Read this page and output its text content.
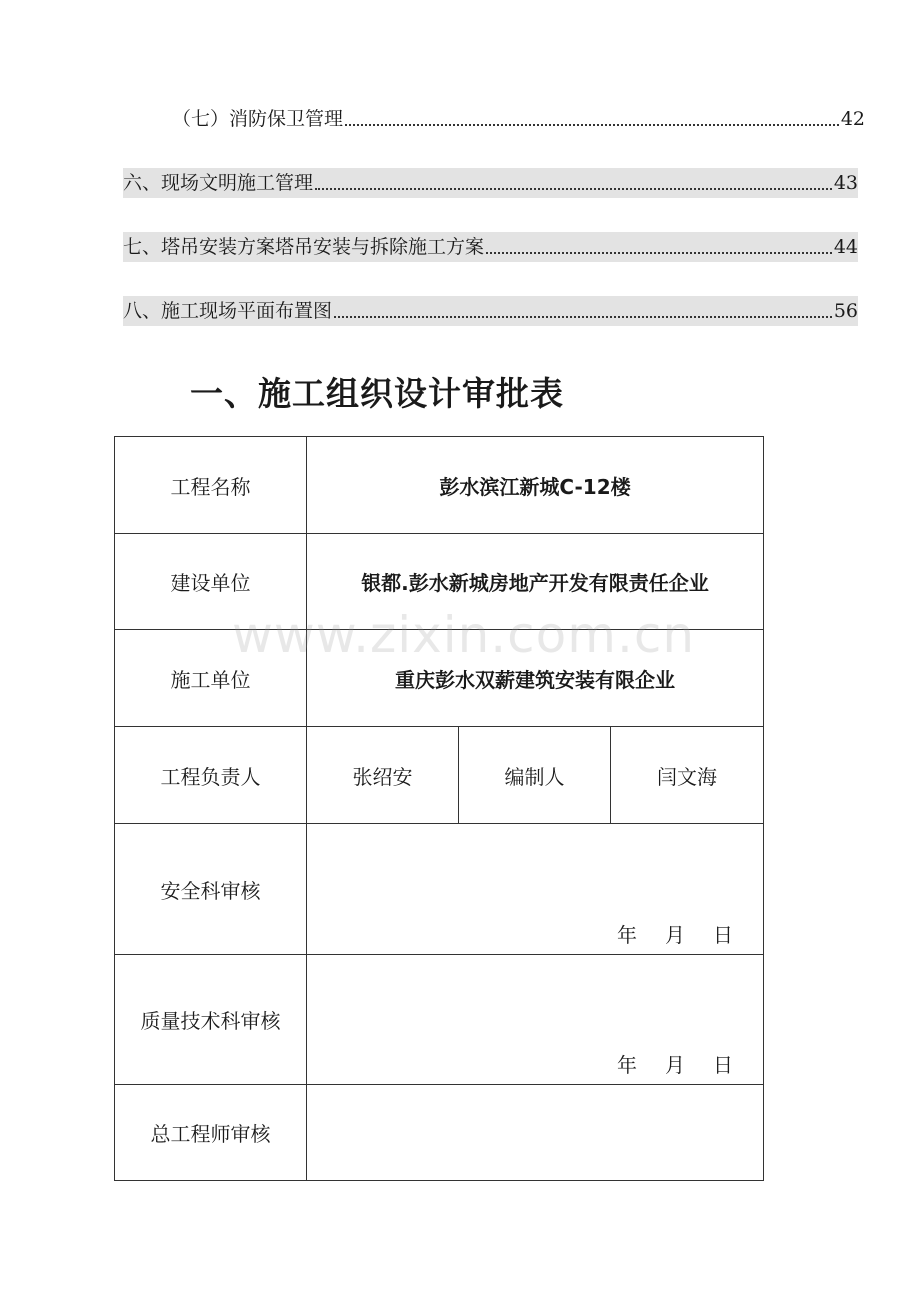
（七）消防保卫管理	42
六、现场文明施工管理	43
七、塔吊安装方案塔吊安装与拆除施工方案	44
八、施工现场平面布置图	56
一、施工组织设计审批表
工程名称	彭水滨江新城C-12楼		
建设单位	银都.彭水新城房地产开发有限责任企业		
施工单位	重庆彭水双薪建筑安装有限企业		
工程负责人	张绍安	编制人	闫文海
安全科审核	年 月 日		

质量技术科审核	年 月 日		

总工程师审核			
www.zixin.com.cn
